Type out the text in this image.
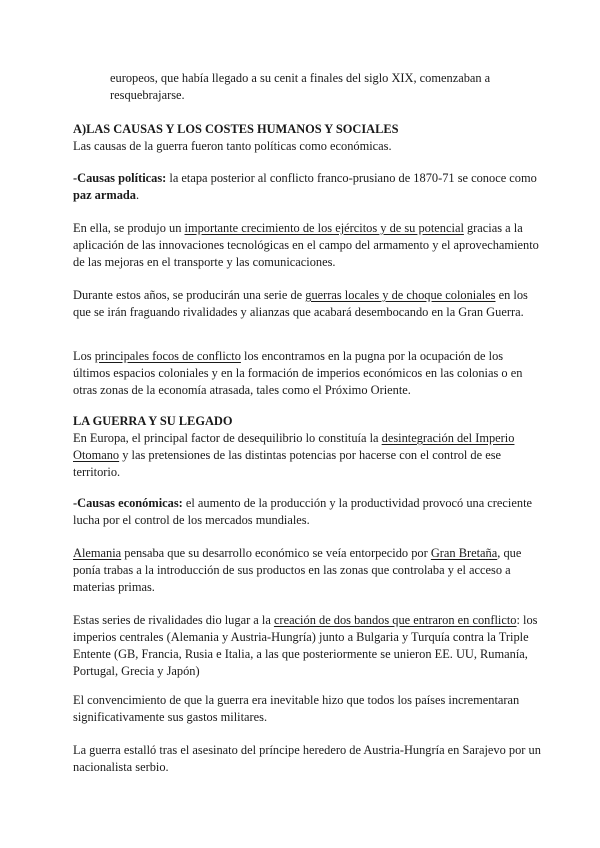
europeos, que había llegado a su cenit a finales del siglo XIX, comenzaban a resquebrajarse.

A)LAS CAUSAS Y LOS COSTES HUMANOS Y SOCIALES
Las causas de la guerra fueron tanto políticas como económicas.

-Causas políticas: la etapa posterior al conflicto franco-prusiano de 1870-71 se conoce como paz armada.

En ella, se produjo un importante crecimiento de los ejércitos y de su potencial gracias a la aplicación de las innovaciones tecnológicas en el campo del armamento y el aprovechamiento de las mejoras en el transporte y las comunicaciones.

Durante estos años, se producirán una serie de guerras locales y de choque coloniales en los que se irán fraguando rivalidades y alianzas que acabará desembocando en la Gran Guerra.

Los principales focos de conflicto los encontramos en la pugna por la ocupación de los últimos espacios coloniales y en la formación de imperios económicos en las colonias o en otras zonas de la economía atrasada, tales como el Próximo Oriente.

LA GUERRA Y SU LEGADO
En Europa, el principal factor de desequilibrio lo constituía la desintegración del Imperio Otomano y las pretensiones de las distintas potencias por hacerse con el control de ese territorio.

-Causas económicas: el aumento de la producción y la productividad provocó una creciente lucha por el control de los mercados mundiales.

Alemania pensaba que su desarrollo económico se veía entorpecido por Gran Bretaña, que ponía trabas a la introducción de sus productos en las zonas que controlaba y el acceso a materias primas.

Estas series de rivalidades dio lugar a la creación de dos bandos que entraron en conflicto: los imperios centrales (Alemania y Austria-Hungría) junto a Bulgaria y Turquía contra la Triple Entente (GB, Francia, Rusia e Italia, a las que posteriormente se unieron EE. UU, Rumanía, Portugal, Grecia y Japón)

El convencimiento de que la guerra era inevitable hizo que todos los países incrementaran significativamente sus gastos militares.

La guerra estalló tras el asesinato del príncipe heredero de Austria-Hungría en Sarajevo por un nacionalista serbio.
